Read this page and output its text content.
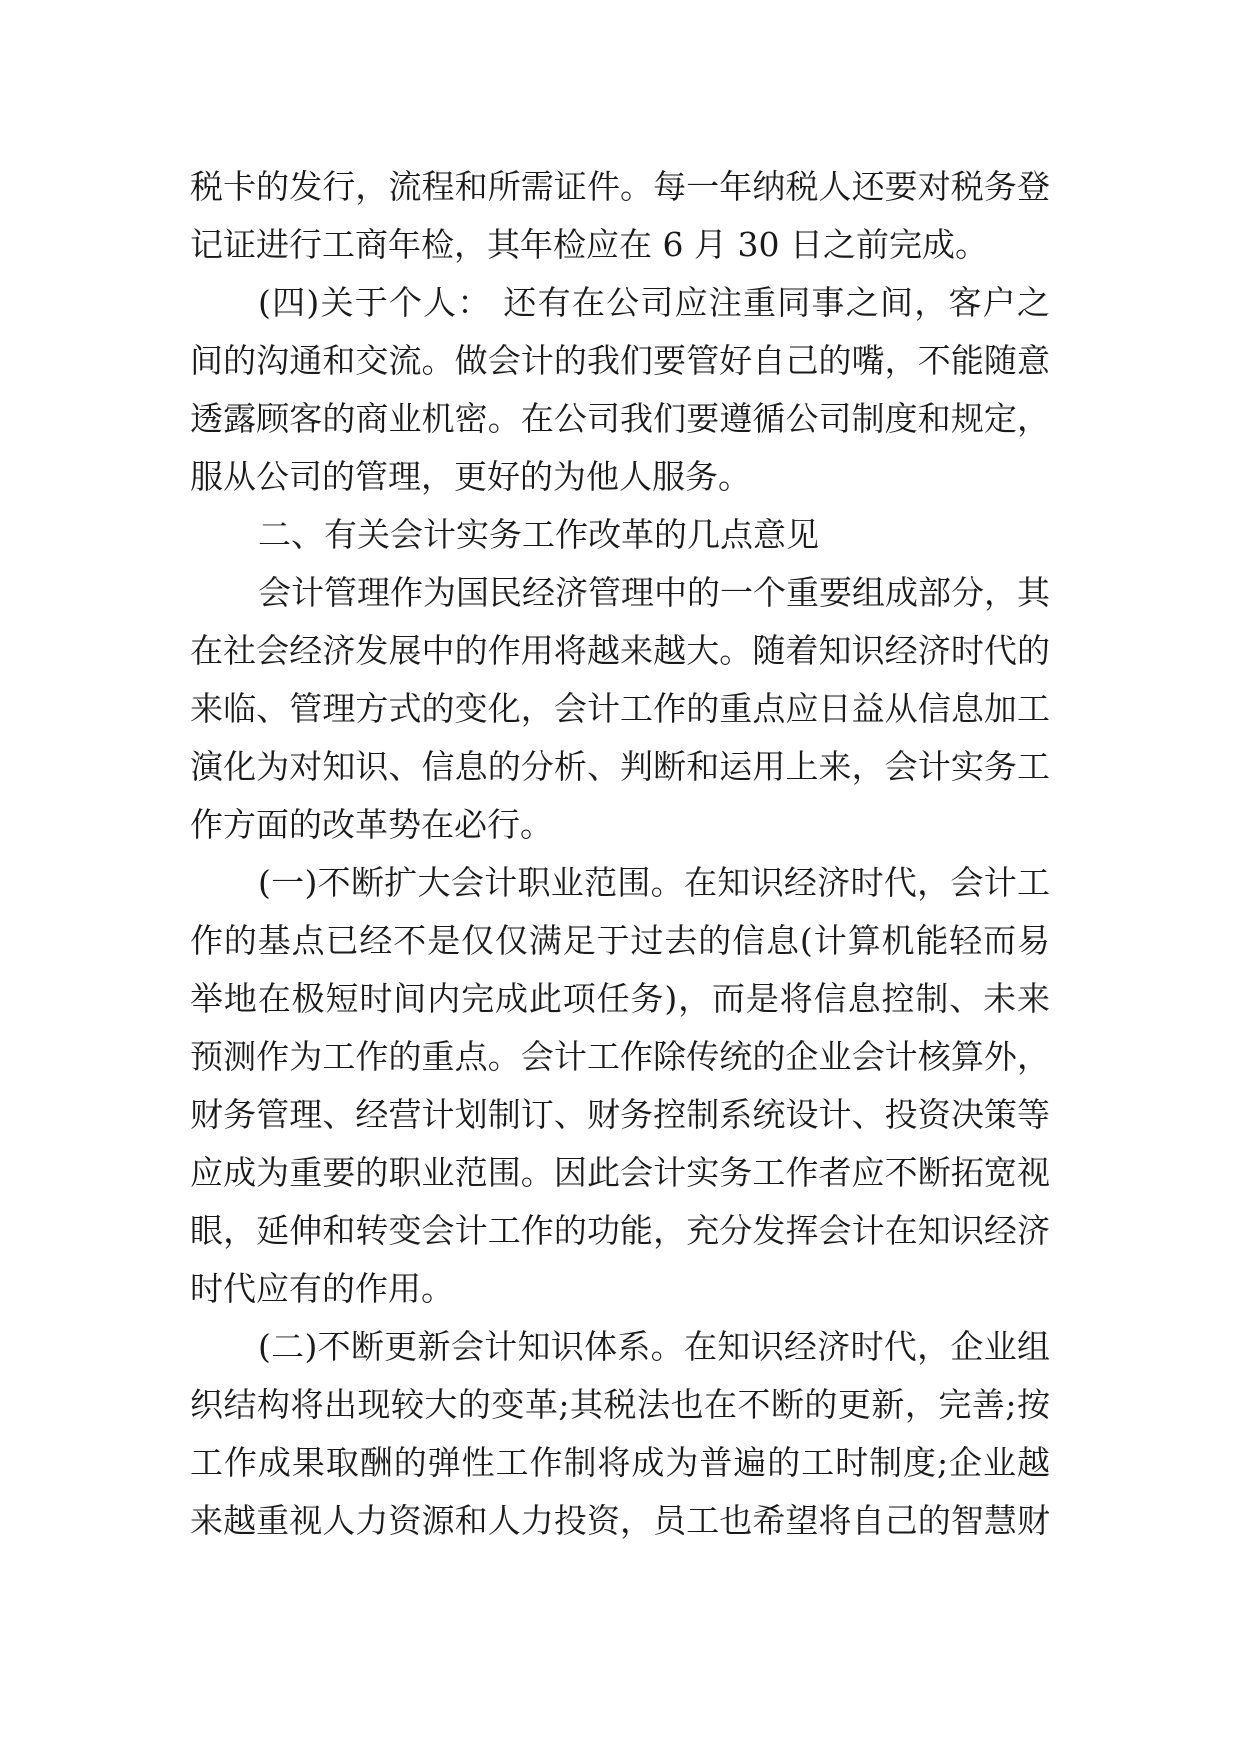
税卡的发行，流程和所需证件。每一年纳税人还要对税务登

记证进行工商年检，其年检应在 6 月 30 日之前完成。

(四)关于个人： 还有在公司应注重同事之间，客户之

间的沟通和交流。做会计的我们要管好自己的嘴，不能随意

透露顾客的商业机密。在公司我们要遵循公司制度和规定，

服从公司的管理，更好的为他人服务。

二、有关会计实务工作改革的几点意见

会计管理作为国民经济管理中的一个重要组成部分，其

在社会经济发展中的作用将越来越大。随着知识经济时代的

来临、管理方式的变化，会计工作的重点应日益从信息加工

演化为对知识、信息的分析、判断和运用上来，会计实务工

作方面的改革势在必行。

(一)不断扩大会计职业范围。在知识经济时代，会计工

作的基点已经不是仅仅满足于过去的信息(计算机能轻而易

举地在极短时间内完成此项任务)，而是将信息控制、未来

预测作为工作的重点。会计工作除传统的企业会计核算外，

财务管理、经营计划制订、财务控制系统设计、投资决策等

应成为重要的职业范围。因此会计实务工作者应不断拓宽视

眼，延伸和转变会计工作的功能，充分发挥会计在知识经济

时代应有的作用。

(二)不断更新会计知识体系。在知识经济时代，企业组

织结构将出现较大的变革;其税法也在不断的更新，完善;按

工作成果取酬的弹性工作制将成为普遍的工时制度;企业越

来越重视人力资源和人力投资，员工也希望将自己的智慧财
